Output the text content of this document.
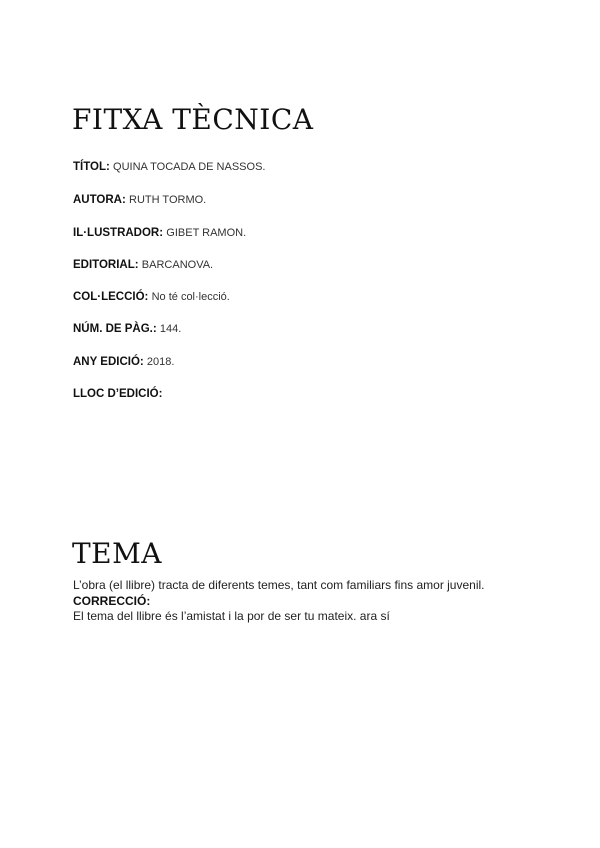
FITXA TÈCNICA
TÍTOL: QUINA TOCADA DE NASSOS.
AUTORA: RUTH TORMO.
IL·LUSTRADOR: GIBET RAMON.
EDITORIAL: BARCANOVA.
COL·LECCIÓ: No té col·lecció.
NÚM. DE PÀG.: 144.
ANY EDICIÓ: 2018.
LLOC D’EDICIÓ:
TEMA

L’obra (el llibre) tracta de diferents temes, tant com familiars fins amor juvenil.

CORRECCIÓ:

El tema del llibre és l’amistat i la por de ser tu mateix. ara sí
